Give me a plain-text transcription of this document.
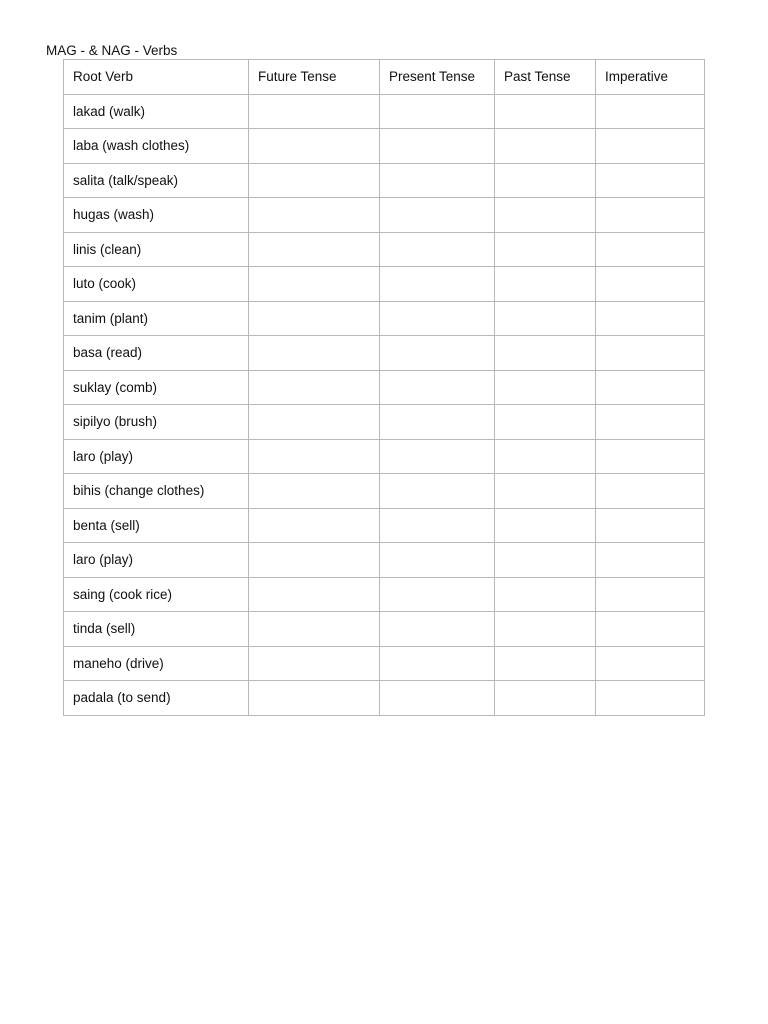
MAG - & NAG - Verbs
Root Verb	Future Tense	Present Tense	Past Tense	Imperative
lakad (walk)				
laba (wash clothes)				
salita (talk/speak)				
hugas (wash)				
linis (clean)				
luto (cook)				
tanim (plant)				
basa (read)				
suklay (comb)				
sipilyo (brush)				
laro (play)				
bihis (change clothes)				
benta (sell)				
laro (play)				
saing (cook rice)				
tinda (sell)				
maneho (drive)				
padala (to send)				
